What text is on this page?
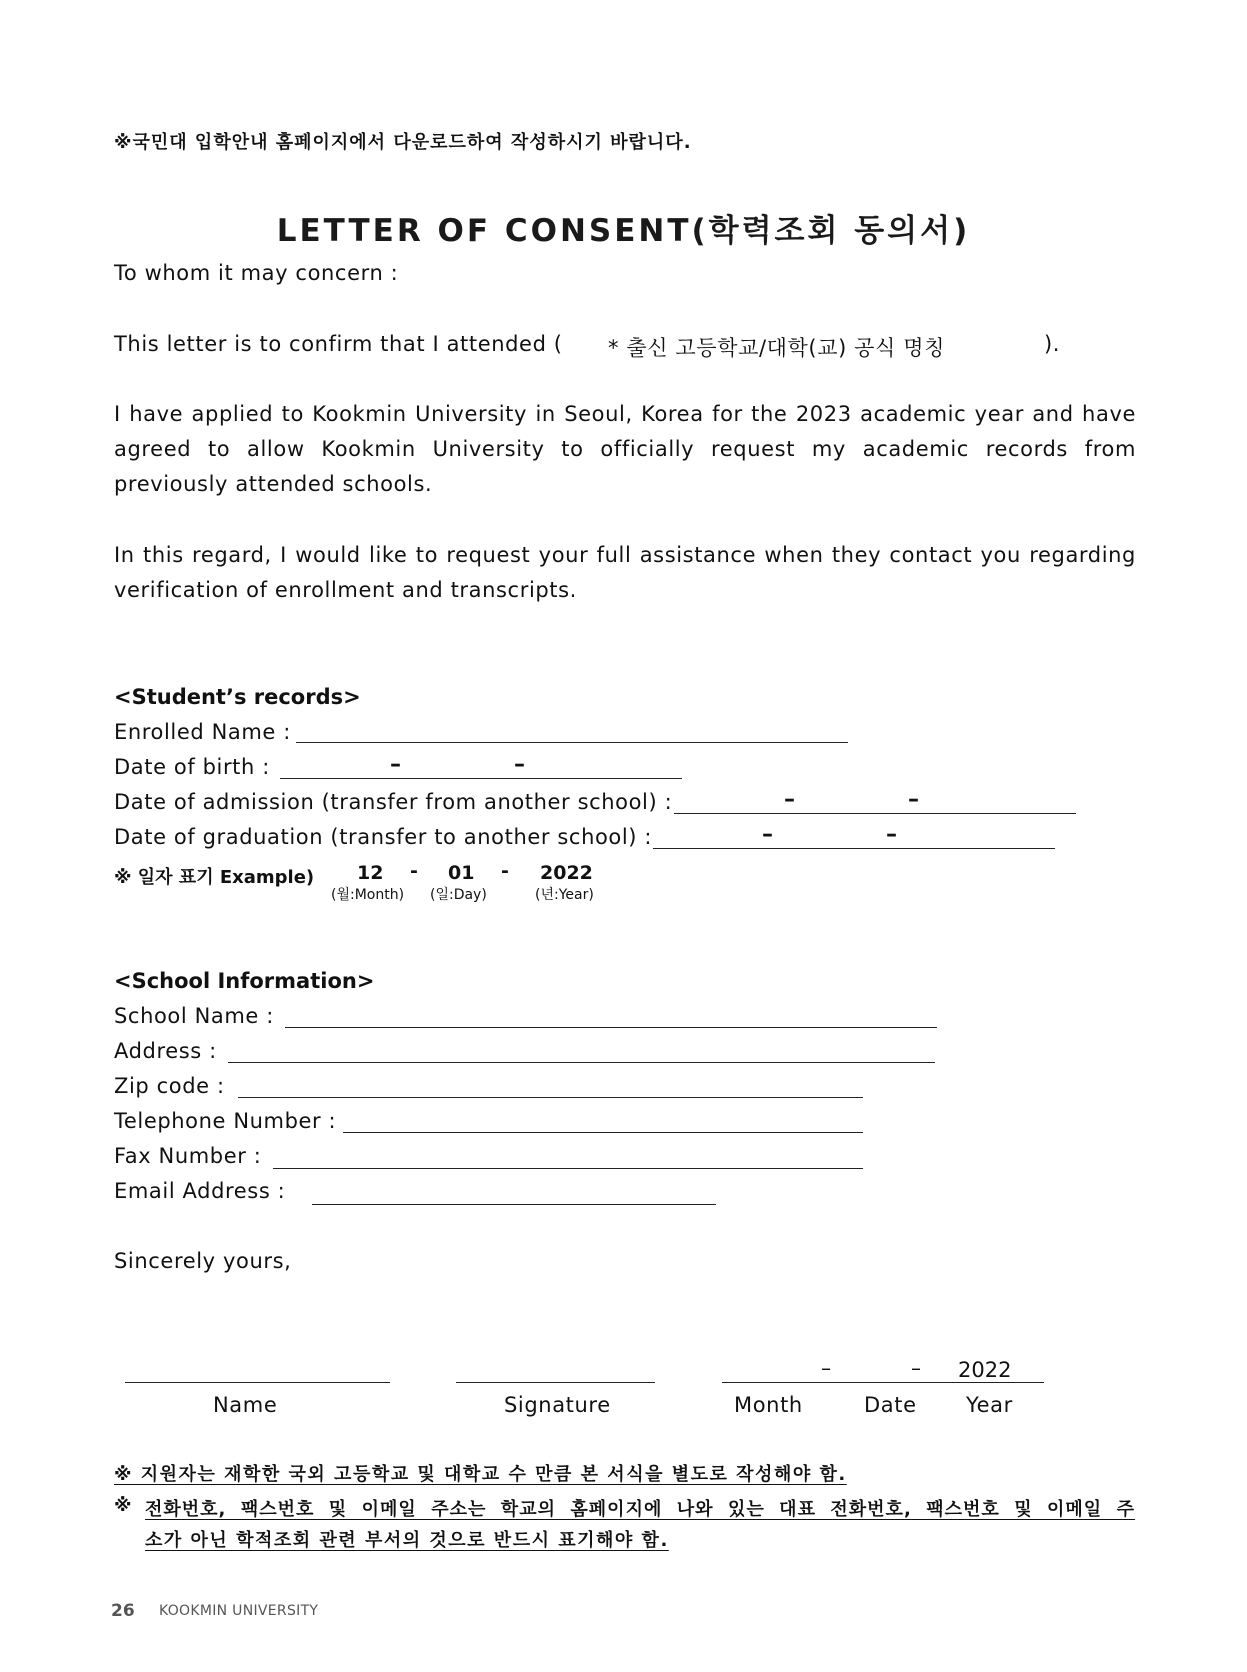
※국민대 입학안내 홈페이지에서 다운로드하여 작성하시기 바랍니다.
LETTER OF CONSENT(학력조회 동의서)
To whom it may concern :
This letter is to confirm that I attended ( * 출신 고등학교/대학(교) 공식 명칭	).
I have applied to Kookmin University in Seoul, Korea for the 2023 academic year and have agreed to allow Kookmin University to officially request my academic records from previously attended schools.
In this regard, I would like to request your full assistance when they contact you regarding verification of enrollment and transcripts.
<Student’s records>
Enrolled Name :
Date of birth :	–	–
Date of admission (transfer from another school) :	–	–
Date of graduation (transfer to another school) :	–	–
※ 일자 표기 Example) 12 - 01 - 2022
(월:Month) (일:Day)	(년:Year)
<School Information>
School Name :
Address :
Zip code :
Telephone Number :
Fax Number :
Email Address :
Sincerely yours,
–	– 2022
Name	Signature	Month	Date Year
※ 지원자는 재학한 국외 고등학교 및 대학교 수 만큼 본 서식을 별도로 작성해야 함.
※ 전화번호, 팩스번호 및 이메일 주소는 학교의 홈페이지에 나와 있는 대표 전화번호, 팩스번호 및 이메일 주
소가 아닌 학적조회 관련 부서의 것으로 반드시 표기해야 함.
26 KOOKMIN UNIVERSITY
